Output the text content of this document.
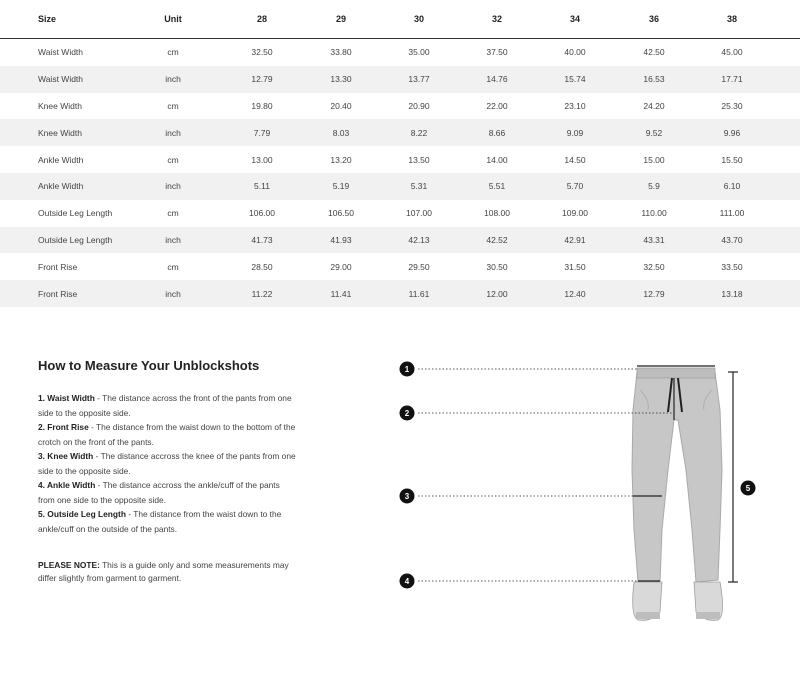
Size	Unit	28	29	30	32	34	36	38
Waist Width	cm	32.50	33.80	35.00	37.50	40.00	42.50	45.00
Waist Width	inch	12.79	13.30	13.77	14.76	15.74	16.53	17.71
Knee Width	cm	19.80	20.40	20.90	22.00	23.10	24.20	25.30
Knee Width	inch	7.79	8.03	8.22	8.66	9.09	9.52	9.96
Ankle Width	cm	13.00	13.20	13.50	14.00	14.50	15.00	15.50
Ankle Width	inch	5.11	5.19	5.31	5.51	5.70	5.9	6.10
Outside Leg Length	cm	106.00	106.50	107.00	108.00	109.00	110.00	111.00
Outside Leg Length	inch	41.73	41.93	42.13	42.52	42.91	43.31	43.70
Front Rise	cm	28.50	29.00	29.50	30.50	31.50	32.50	33.50
Front Rise	inch	11.22	11.41	11.61	12.00	12.40	12.79	13.18

How to Measure Your Unblockshots

1. Waist Width - The distance across the front of the pants from one side to the opposite side.

2. Front Rise - The distance from the waist down to the bottom of the crotch on the front of the pants.

3. Knee Width - The distance accross the knee of the pants from one side to the opposite side.

4. Ankle Width - The distance accross the ankle/cuff of the pants from one side to the opposite side.

5. Outside Leg Length - The distance from the waist down to the ankle/cuff on the outside of the pants.

PLEASE NOTE: This is a guide only and some measurements may differ slightly from garment to garment.
1
2
3
4
5
